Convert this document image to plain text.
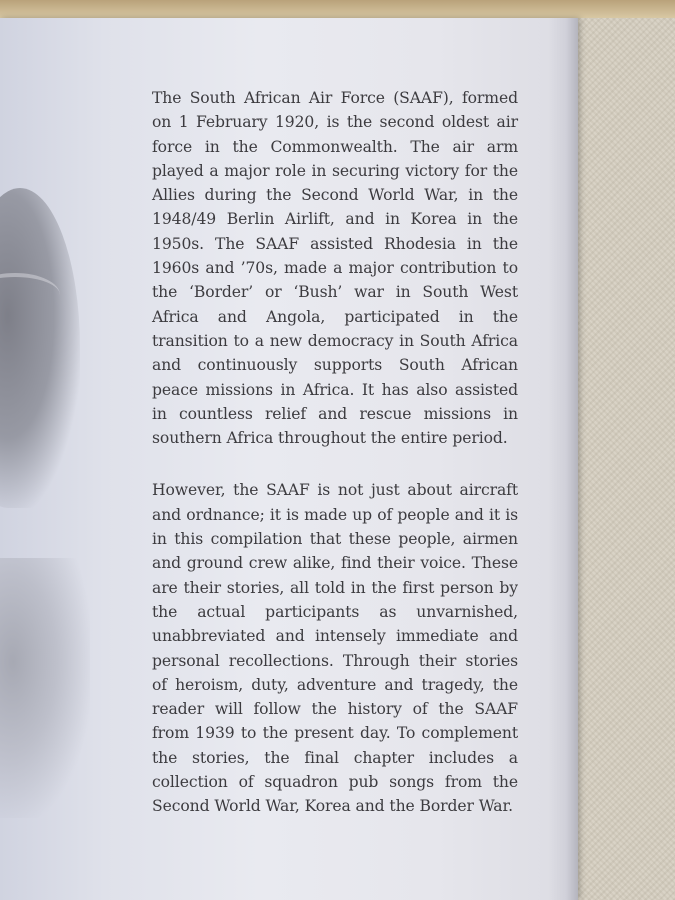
The South African Air Force (SAAF), formed on 1 February 1920, is the second oldest air force in the Commonwealth. The air arm played a major role in securing victory for the Allies during the Second World War, in the 1948/49 Berlin Airlift, and in Korea in the 1950s. The SAAF assisted Rhodesia in the 1960s and ’70s, made a major contribution to the ‘Border’ or ‘Bush’ war in South West Africa and Angola, participated in the transition to a new democracy in South Africa and continuously supports South African peace missions in Africa. It has also assisted in countless relief and rescue missions in southern Africa throughout the entire period.

However, the SAAF is not just about aircraft and ordnance; it is made up of people and it is in this compilation that these people, airmen and ground crew alike, find their voice. These are their stories, all told in the first person by the actual participants as unvarnished, unabbreviated and intensely immediate and personal recollections. Through their stories of heroism, duty, adventure and tragedy, the reader will follow the history of the SAAF from 1939 to the present day. To complement the stories, the final chapter includes a collection of squadron pub songs from the Second World War, Korea and the Border War.
